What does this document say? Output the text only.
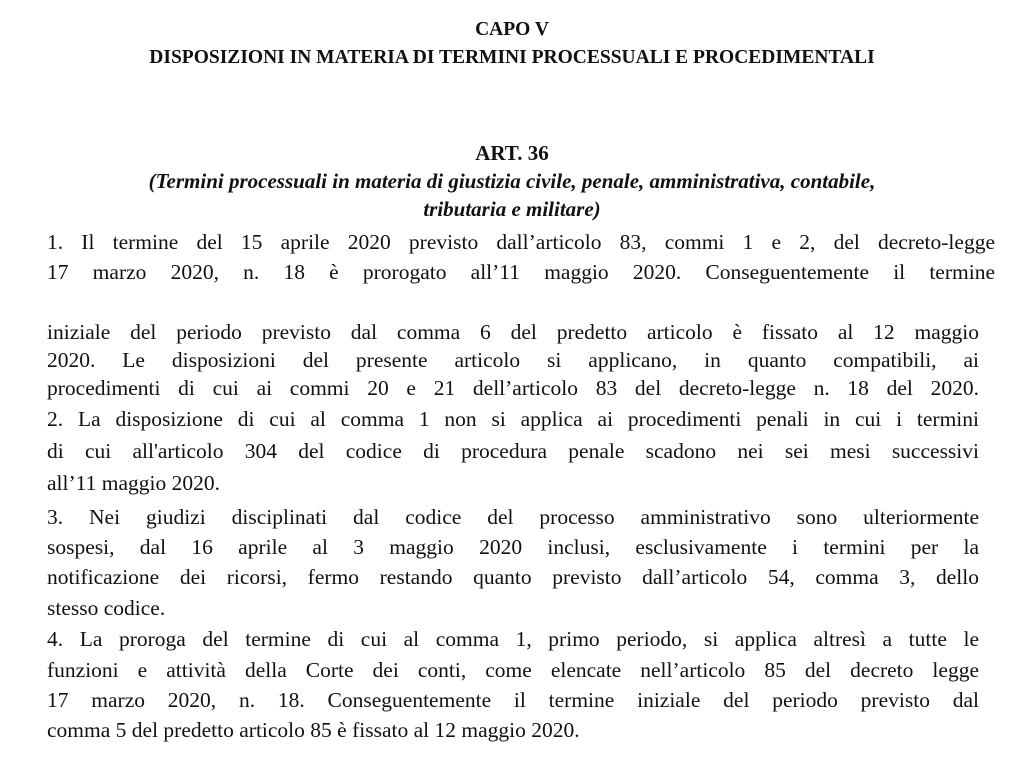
CAPO V

DISPOSIZIONI IN MATERIA DI TERMINI PROCESSUALI E PROCEDIMENTALI

ART. 36

(Termini processuali in materia di giustizia civile, penale, amministrativa, contabile,

tributaria e militare)

1. Il termine del 15 aprile 2020 previsto dall’articolo 83, commi 1 e 2, del decreto-legge

17 marzo 2020, n. 18 è prorogato all’11 maggio 2020. Conseguentemente il termine

iniziale del periodo previsto dal comma 6 del predetto articolo è fissato al 12 maggio

2020. Le disposizioni del presente articolo si applicano, in quanto compatibili, ai

procedimenti di cui ai commi 20 e 21 dell’articolo 83 del decreto-legge n. 18 del 2020.

2. La disposizione di cui al comma 1 non si applica ai procedimenti penali in cui i termini

di cui all'articolo 304 del codice di procedura penale scadono nei sei mesi successivi

all’11 maggio 2020.

3. Nei giudizi disciplinati dal codice del processo amministrativo sono ulteriormente

sospesi, dal 16 aprile al 3 maggio 2020 inclusi, esclusivamente i termini per la

notificazione dei ricorsi, fermo restando quanto previsto dall’articolo 54, comma 3, dello

stesso codice.

4. La proroga del termine di cui al comma 1, primo periodo, si applica altresì a tutte le

funzioni e attività della Corte dei conti, come elencate nell’articolo 85 del decreto legge

17 marzo 2020, n. 18. Conseguentemente il termine iniziale del periodo previsto dal

comma 5 del predetto articolo 85 è fissato al 12 maggio 2020.
